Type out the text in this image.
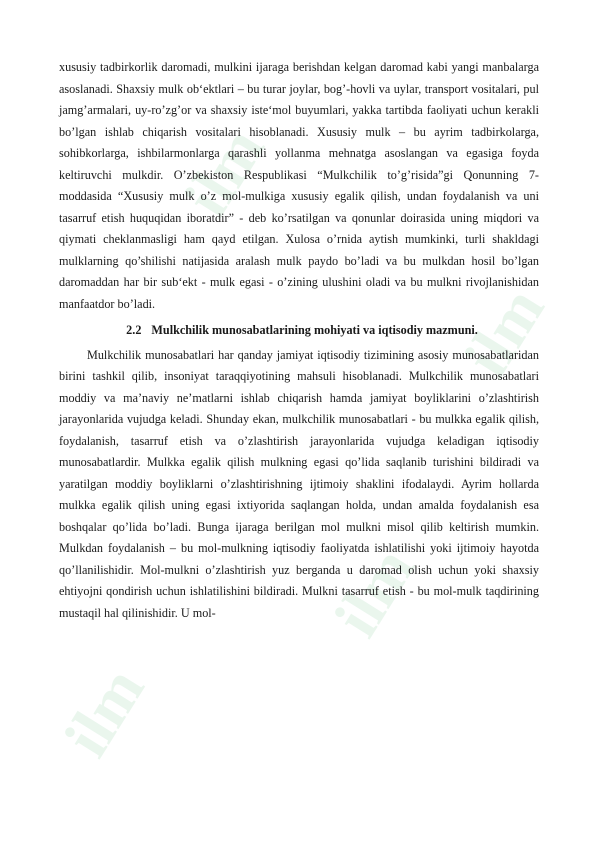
ilm
ilm
ilm
ilm

xususiy tadbirkorlik daromadi, mulkini ijaraga berishdan kelgan daromad kabi yangi manbalarga asoslanadi. Shaxsiy mulk ob‘ektlari – bu turar joylar, bog’-hovli va uylar, transport vositalari, pul jamg’armalari, uy-ro’zg’or va shaxsiy iste‘mol buyumlari, yakka tartibda faoliyati uchun kerakli bo’lgan ishlab chiqarish vositalari hisoblanadi. Xususiy mulk – bu ayrim tadbirkolarga, sohibkorlarga, ishbilarmonlarga qarashli yollanma mehnatga asoslangan va egasiga foyda keltiruvchi mulkdir. O’zbekiston Respublikasi “Mulkchilik to’g’risida”gi Qonunning 7-moddasida “Xususiy mulk o’z mol-mulkiga xususiy egalik qilish, undan foydalanish va uni tasarruf etish huquqidan iboratdir” - deb ko’rsatilgan va qonunlar doirasida uning miqdori va qiymati cheklanmasligi ham qayd etilgan. Xulosa o’rnida aytish mumkinki, turli shakldagi mulklarning qo’shilishi natijasida aralash mulk paydo bo’ladi va bu mulkdan hosil bo’lgan daromaddan har bir sub‘ekt - mulk egasi - o’zining ulushini oladi va bu mulkni rivojlanishidan manfaatdor bo’ladi.

2.2 Mulkchilik munosabatlarining mohiyati va iqtisodiy mazmuni.

Mulkchilik munosabatlari har qanday jamiyat iqtisodiy tizimining asosiy munosabatlaridan birini tashkil qilib, insoniyat taraqqiyotining mahsuli hisoblanadi. Mulkchilik munosabatlari moddiy va ma’naviy ne’matlarni ishlab chiqarish hamda jamiyat boyliklarini o’zlashtirish jarayonlarida vujudga keladi. Shunday ekan, mulkchilik munosabatlari - bu mulkka egalik qilish, foydalanish, tasarruf etish va o’zlashtirish jarayonlarida vujudga keladigan iqtisodiy munosabatlardir. Mulkka egalik qilish mulkning egasi qo’lida saqlanib turishini bildiradi va yaratilgan moddiy boyliklarni o’zlashtirishning ijtimoiy shaklini ifodalaydi. Ayrim hollarda mulkka egalik qilish uning egasi ixtiyorida saqlangan holda, undan amalda foydalanish esa boshqalar qo’lida bo’ladi. Bunga ijaraga berilgan mol mulkni misol qilib keltirish mumkin. Mulkdan foydalanish – bu mol-mulkning iqtisodiy faoliyatda ishlatilishi yoki ijtimoiy hayotda qo’llanilishidir. Mol-mulkni o’zlashtirish yuz berganda u daromad olish uchun yoki shaxsiy ehtiyojni qondirish uchun ishlatilishini bildiradi. Mulkni tasarruf etish - bu mol-mulk taqdirining mustaqil hal qilinishidir. U mol-
